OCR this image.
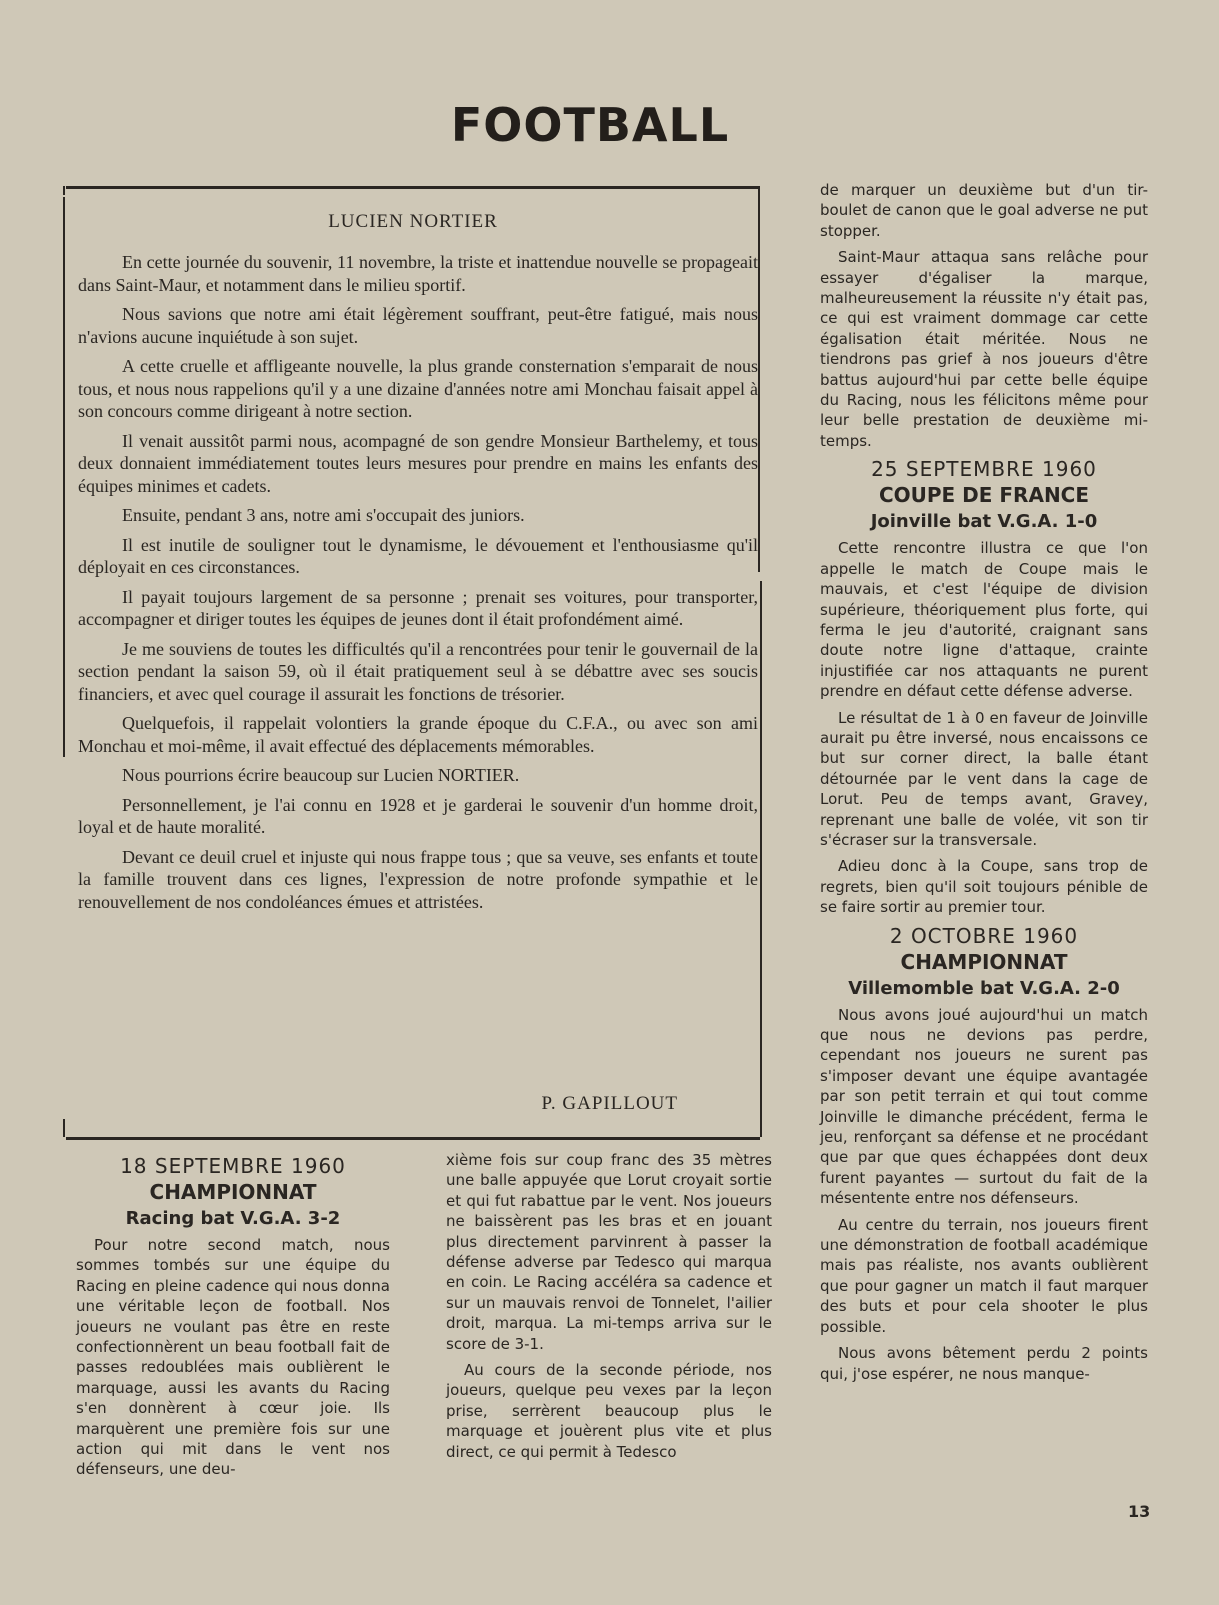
FOOTBALL
LUCIEN NORTIER

En cette journée du souvenir, 11 novembre, la triste et inattendue nouvelle se propageait dans Saint-Maur, et notamment dans le milieu sportif.

Nous savions que notre ami était légèrement souffrant, peut-être fatigué, mais nous n'avions aucune inquiétude à son sujet.

A cette cruelle et affligeante nouvelle, la plus grande consternation s'emparait de nous tous, et nous nous rappelions qu'il y a une dizaine d'années notre ami Monchau faisait appel à son concours comme dirigeant à notre section.

Il venait aussitôt parmi nous, acompagné de son gendre Monsieur Barthelemy, et tous deux donnaient immédiatement toutes leurs mesures pour prendre en mains les enfants des équipes minimes et cadets.

Ensuite, pendant 3 ans, notre ami s'occupait des juniors.

Il est inutile de souligner tout le dynamisme, le dévouement et l'enthousiasme qu'il déployait en ces circonstances.

Il payait toujours largement de sa personne ; prenait ses voitures, pour transporter, accompagner et diriger toutes les équipes de jeunes dont il était profondément aimé.

Je me souviens de toutes les difficultés qu'il a rencontrées pour tenir le gouvernail de la section pendant la saison 59, où il était pratiquement seul à se débattre avec ses soucis financiers, et avec quel courage il assurait les fonctions de trésorier.

Quelquefois, il rappelait volontiers la grande époque du C.F.A., ou avec son ami Monchau et moi-même, il avait effectué des déplacements mémorables.

Nous pourrions écrire beaucoup sur Lucien NORTIER.

Personnellement, je l'ai connu en 1928 et je garderai le souvenir d'un homme droit, loyal et de haute moralité.

Devant ce deuil cruel et injuste qui nous frappe tous ; que sa veuve, ses enfants et toute la famille trouvent dans ces lignes, l'expression de notre profonde sympathie et le renouvellement de nos condoléances émues et attristées.

P. GAPILLOUT

de marquer un deuxième but d'un tir-boulet de canon que le goal adverse ne put stopper.

Saint-Maur attaqua sans relâche pour essayer d'égaliser la marque, malheureusement la réussite n'y était pas, ce qui est vraiment dommage car cette égalisation était méritée. Nous ne tiendrons pas grief à nos joueurs d'être battus aujourd'hui par cette belle équipe du Racing, nous les félicitons même pour leur belle prestation de deuxième mi-temps.

25 SEPTEMBRE 1960
COUPE DE FRANCE
Joinville bat V.G.A. 1-0

Cette rencontre illustra ce que l'on appelle le match de Coupe mais le mauvais, et c'est l'équipe de division supérieure, théoriquement plus forte, qui ferma le jeu d'autorité, craignant sans doute notre ligne d'attaque, crainte injustifiée car nos attaquants ne purent prendre en défaut cette défense adverse.

Le résultat de 1 à 0 en faveur de Joinville aurait pu être inversé, nous encaissons ce but sur corner direct, la balle étant détournée par le vent dans la cage de Lorut. Peu de temps avant, Gravey, reprenant une balle de volée, vit son tir s'écraser sur la transversale.

Adieu donc à la Coupe, sans trop de regrets, bien qu'il soit toujours pénible de se faire sortir au premier tour.

2 OCTOBRE 1960
CHAMPIONNAT
Villemomble bat V.G.A. 2-0

Nous avons joué aujourd'hui un match que nous ne devions pas perdre, cependant nos joueurs ne surent pas s'imposer devant une équipe avantagée par son petit terrain et qui tout comme Joinville le dimanche précédent, ferma le jeu, renforçant sa défense et ne procédant que par que ques échappées dont deux furent payantes — surtout du fait de la mésentente entre nos défenseurs.

Au centre du terrain, nos joueurs firent une démonstration de football académique mais pas réaliste, nos avants oublièrent que pour gagner un match il faut marquer des buts et pour cela shooter le plus possible.

Nous avons bêtement perdu 2 points qui, j'ose espérer, ne nous manque-

18 SEPTEMBRE 1960
CHAMPIONNAT
Racing bat V.G.A. 3-2

Pour notre second match, nous sommes tombés sur une équipe du Racing en pleine cadence qui nous donna une véritable leçon de football. Nos joueurs ne voulant pas être en reste confectionnèrent un beau football fait de passes redoublées mais oublièrent le marquage, aussi les avants du Racing s'en donnèrent à cœur joie. Ils marquèrent une première fois sur une action qui mit dans le vent nos défenseurs, une deu-

xième fois sur coup franc des 35 mètres une balle appuyée que Lorut croyait sortie et qui fut rabattue par le vent. Nos joueurs ne baissèrent pas les bras et en jouant plus directement parvinrent à passer la défense adverse par Tedesco qui marqua en coin. Le Racing accéléra sa cadence et sur un mauvais renvoi de Tonnelet, l'ailier droit, marqua. La mi-temps arriva sur le score de 3-1.

Au cours de la seconde période, nos joueurs, quelque peu vexes par la leçon prise, serrèrent beaucoup plus le marquage et jouèrent plus vite et plus direct, ce qui permit à Tedesco

13
